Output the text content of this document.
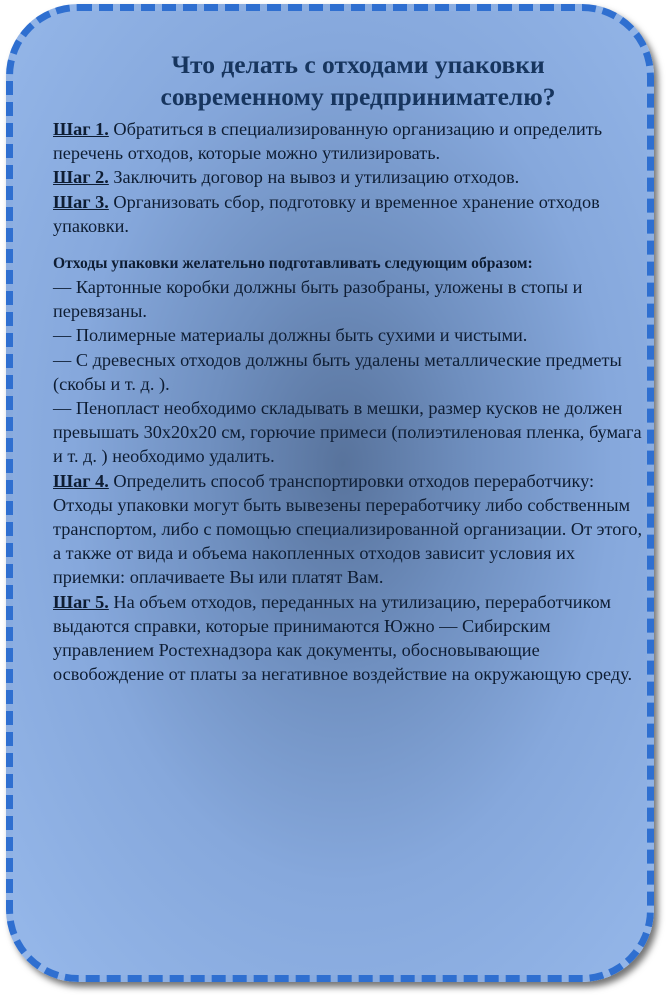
Что делать с отходами упаковки
современному предпринимателю?

Шаг 1. Обратиться в специализированную организацию и определить перечень отходов, которые можно утилизировать.

Шаг 2. Заключить договор на вывоз и утилизацию отходов.

Шаг 3. Организовать сбор, подготовку и временное хранение отходов упаковки.

Отходы упаковки желательно подготавливать следующим образом:

— Картонные коробки должны быть разобраны, уложены в стопы и перевязаны.

— Полимерные материалы должны быть сухими и чистыми.

— С древесных отходов должны быть удалены металлические предметы (скобы и т. д. ).

— Пенопласт необходимо складывать в мешки, размер кусков не должен превышать 30х20х20 см, горючие примеси (полиэтиленовая пленка, бумага и т. д. ) необходимо удалить.

Шаг 4. Определить способ транспортировки отходов переработчику:

Отходы упаковки могут быть вывезены переработчику либо собственным транспортом, либо с помощью специализированной организации. От этого, а также от вида и объема накопленных отходов зависит условия их приемки: оплачиваете Вы или платят Вам.

Шаг 5. На объем отходов, переданных на утилизацию, переработчиком выдаются справки, которые принимаются Южно — Сибирским управлением Ростехнадзора как документы, обосновывающие освобождение от платы за негативное воздействие на окружающую среду.
